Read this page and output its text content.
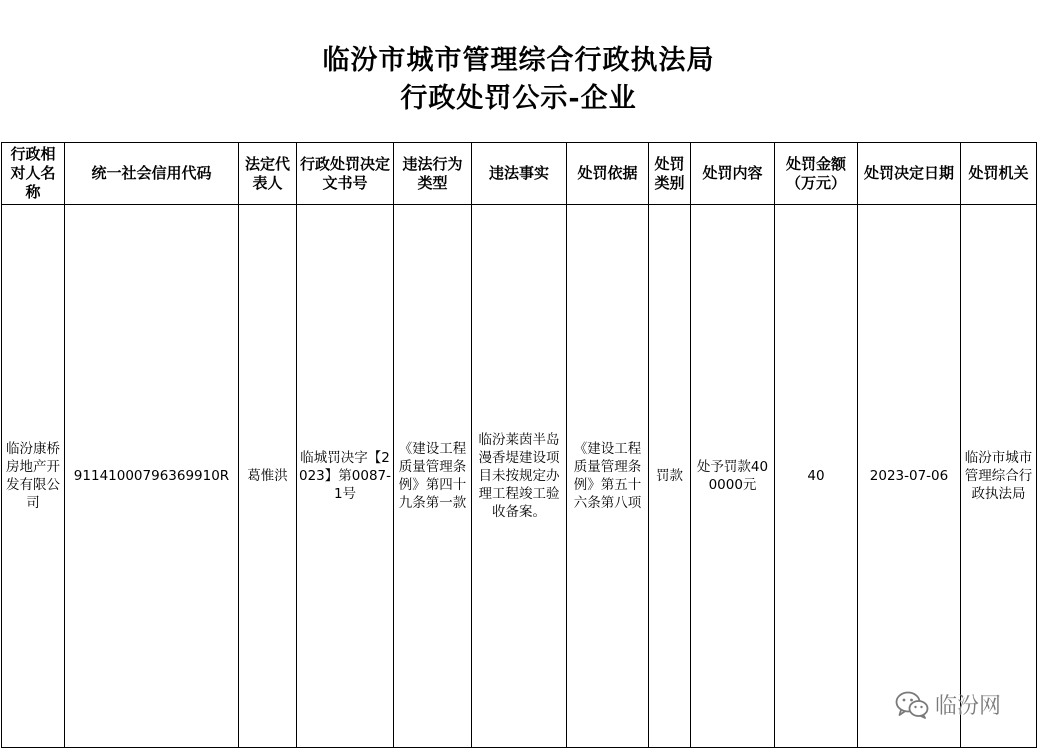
临汾市城市管理综合行政执法局
行政处罚公示-企业
行政相对人名称	统一社会信用代码	法定代表人	行政处罚决定文书号	违法行为类型	违法事实	处罚依据	处罚类别	处罚内容	处罚金额（万元）	处罚决定日期	处罚机关
临汾康桥房地产开发有限公司	91141000796369910R	葛惟洪	临城罚决字【2023】第0087-1号	《建设工程质量管理条例》第四十九条第一款	临汾莱茵半岛漫香堤建设项目未按规定办理工程竣工验收备案。	《建设工程质量管理条例》第五十六条第八项	罚款	处予罚款400000元	40	2023-07-06	临汾市城市管理综合行政执法局
临汾网
